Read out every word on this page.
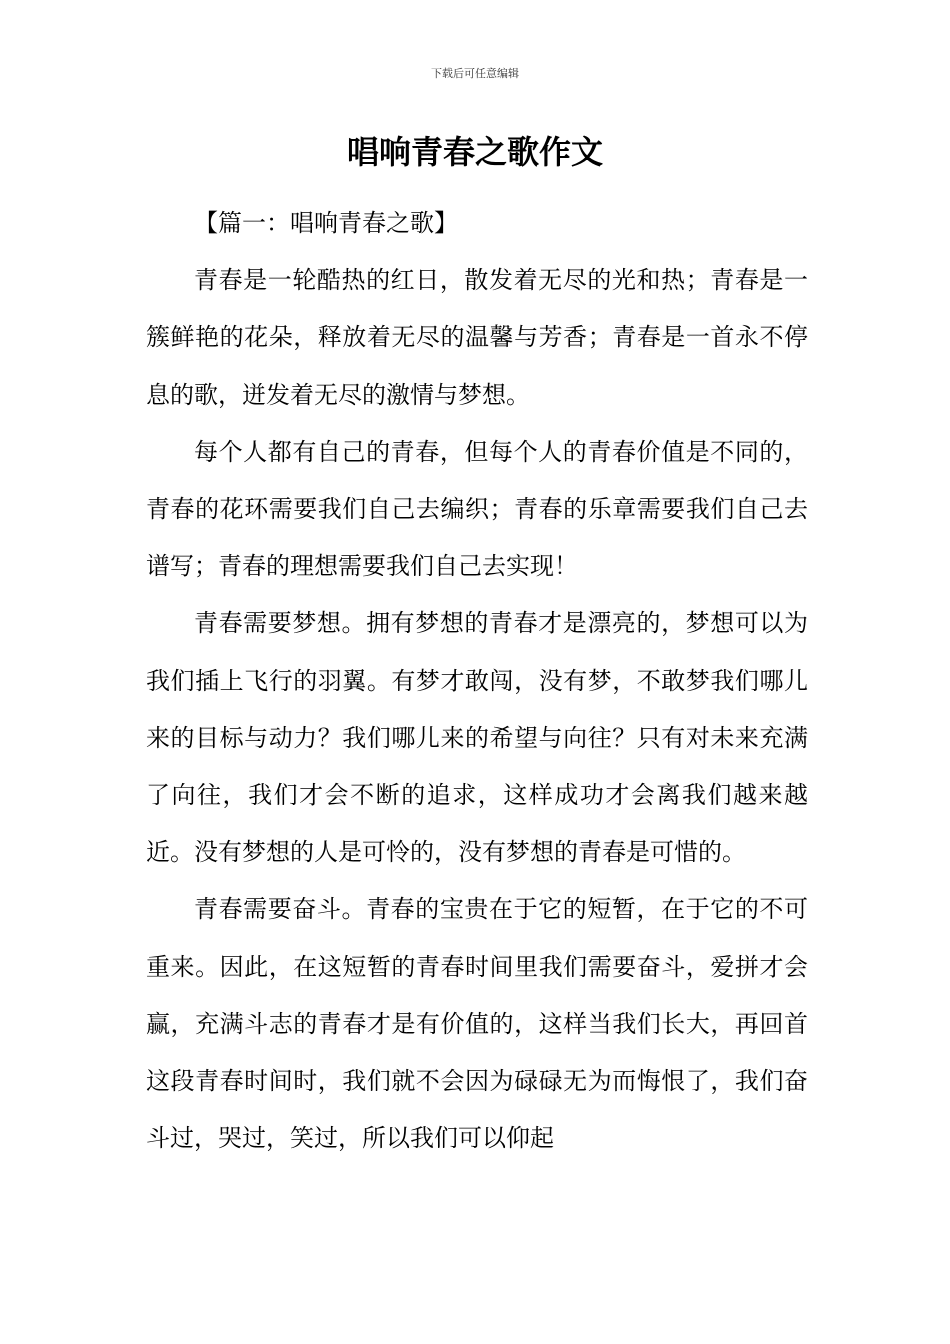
下载后可任意编辑
唱响青春之歌作文

【篇一：唱响青春之歌】

青春是一轮酷热的红日，散发着无尽的光和热；青春是一簇鲜艳的花朵，释放着无尽的温馨与芳香；青春是一首永不停息的歌，迸发着无尽的激情与梦想。

每个人都有自己的青春，但每个人的青春价值是不同的，青春的花环需要我们自己去编织；青春的乐章需要我们自己去谱写；青春的理想需要我们自己去实现！

青春需要梦想。拥有梦想的青春才是漂亮的，梦想可以为我们插上飞行的羽翼。有梦才敢闯，没有梦，不敢梦我们哪儿来的目标与动力？我们哪儿来的希望与向往？只有对未来充满了向往，我们才会不断的追求，这样成功才会离我们越来越近。没有梦想的人是可怜的，没有梦想的青春是可惜的。

青春需要奋斗。青春的宝贵在于它的短暂，在于它的不可重来。因此，在这短暂的青春时间里我们需要奋斗，爱拼才会赢，充满斗志的青春才是有价值的，这样当我们长大，再回首这段青春时间时，我们就不会因为碌碌无为而悔恨了，我们奋斗过，哭过，笑过，所以我们可以仰起
